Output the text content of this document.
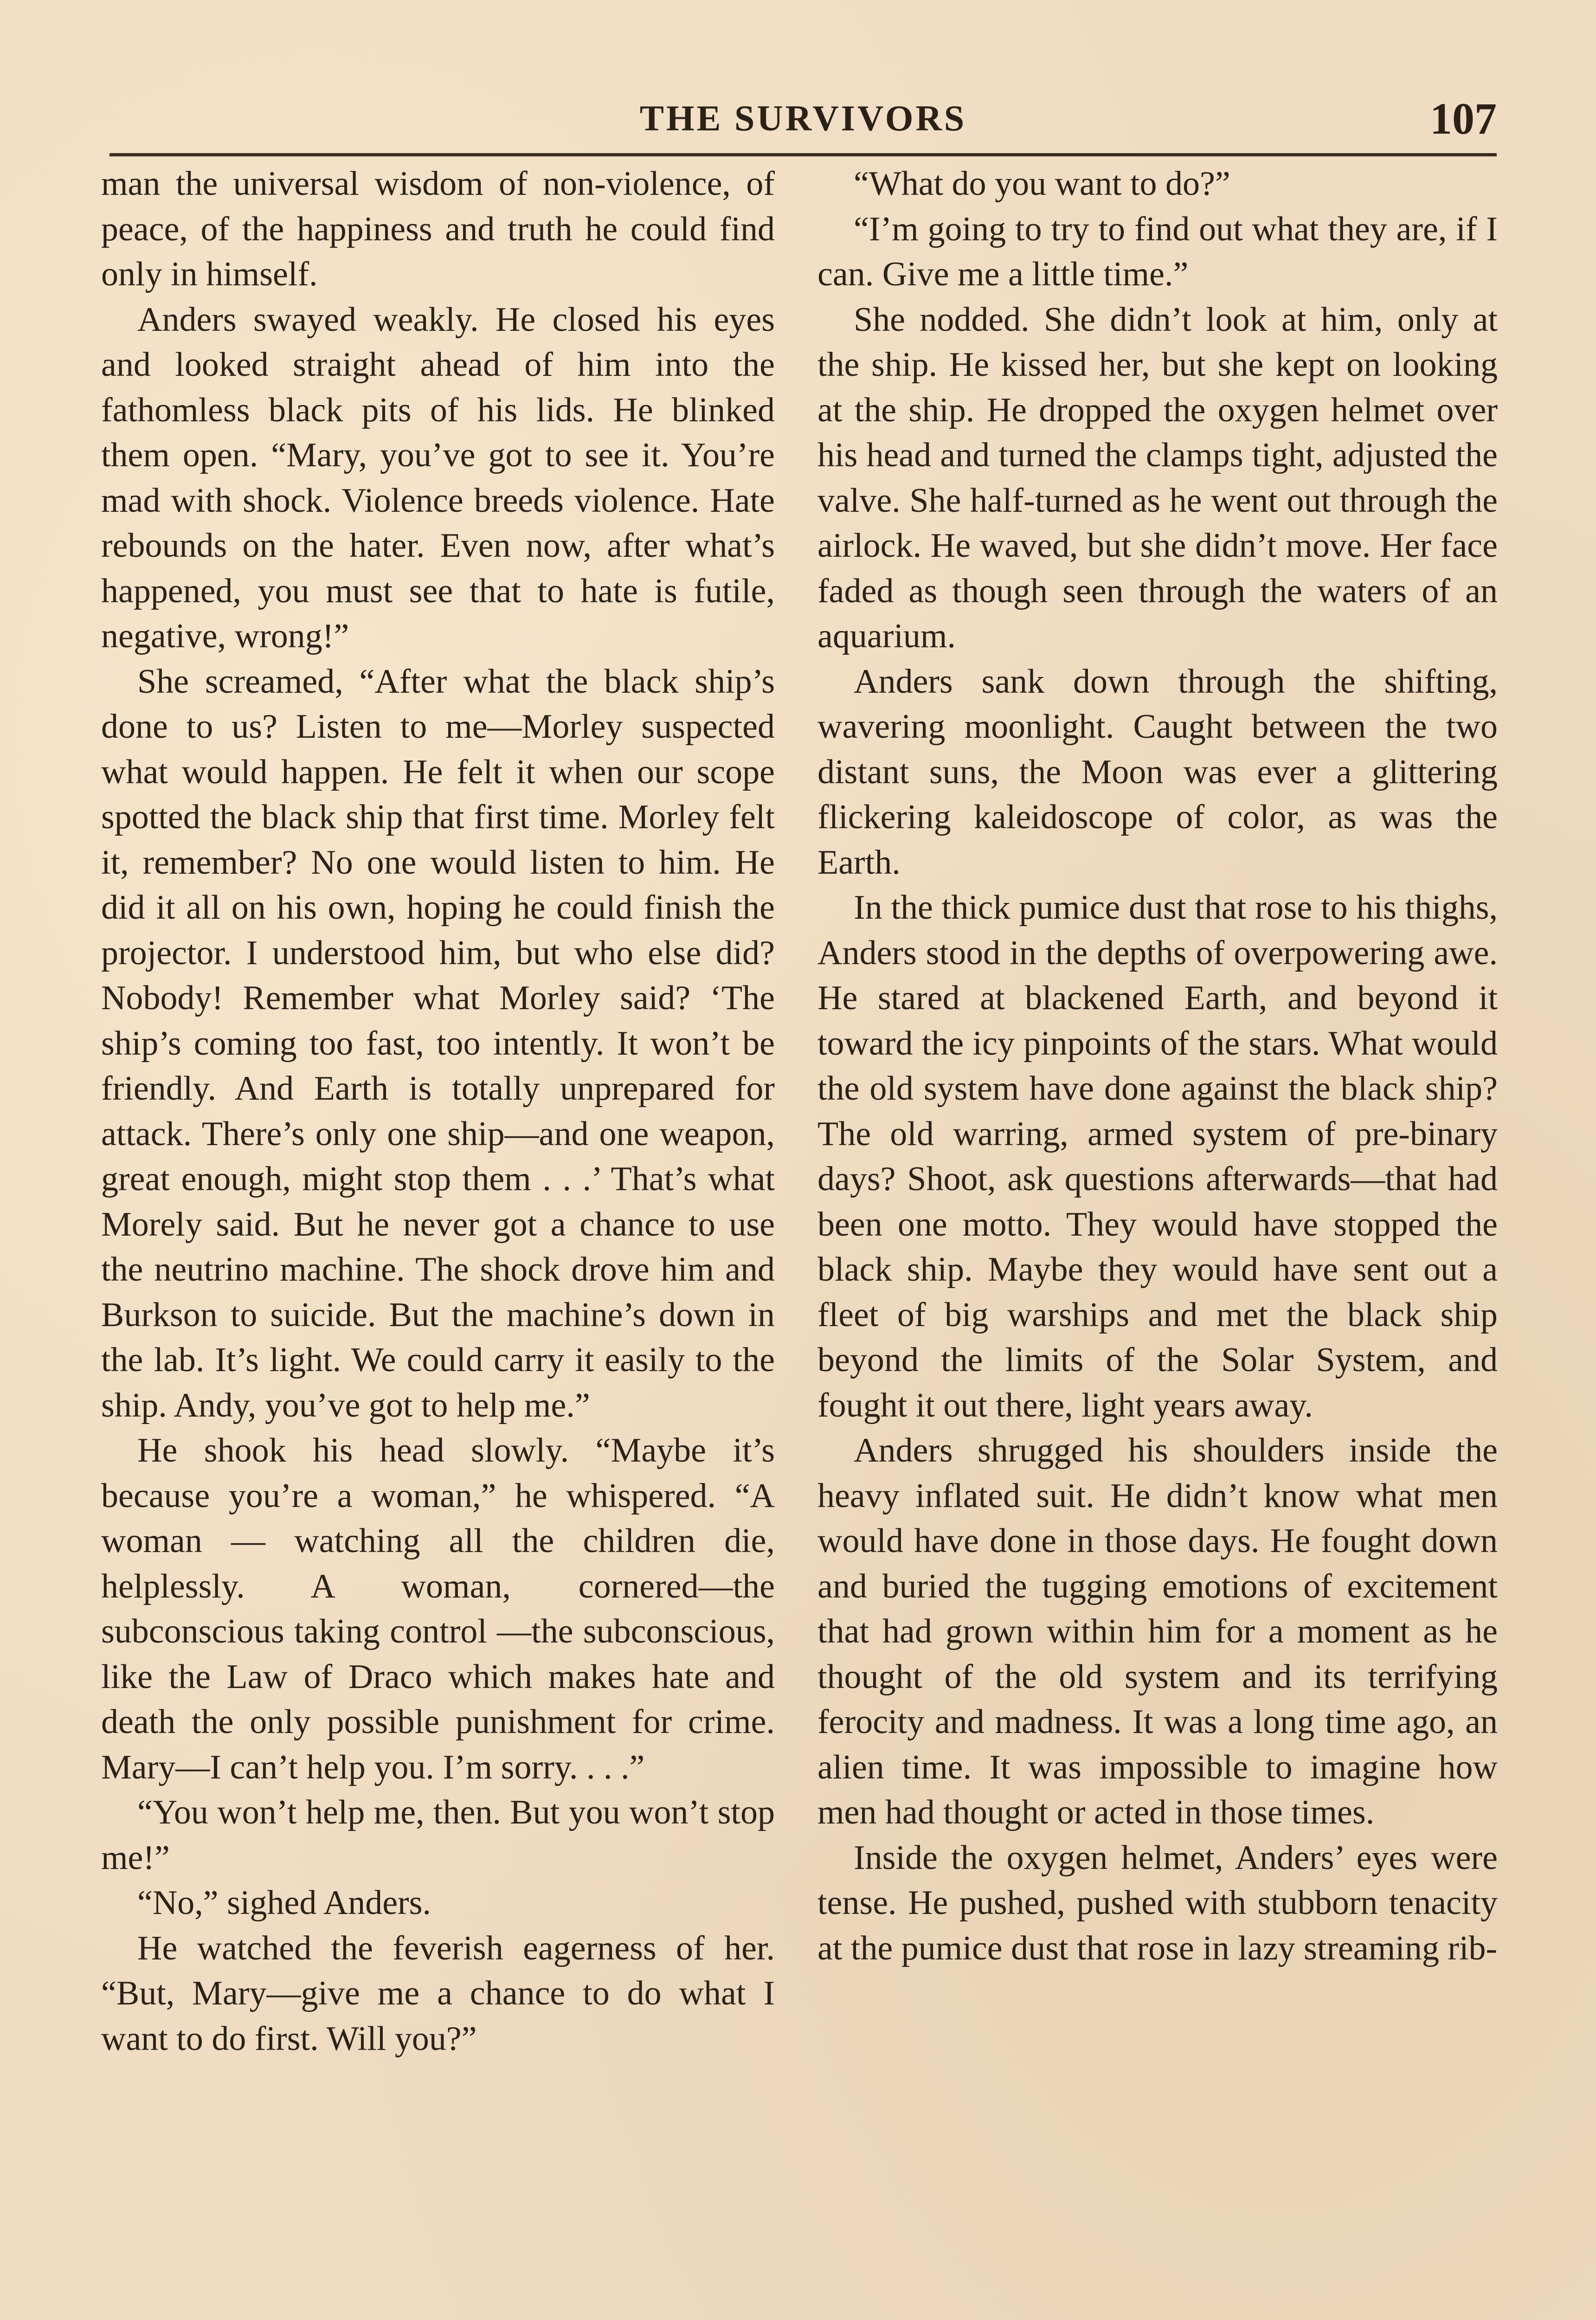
THE SURVIVORS	107

man the universal wisdom of non-violence, of peace, of the happiness and truth he could find only in himself.

Anders swayed weakly. He closed his eyes and looked straight ahead of him into the fathomless black pits of his lids. He blinked them open. “Mary, you’ve got to see it. You’re mad with shock. Violence breeds violence. Hate rebounds on the hater. Even now, after what’s happened, you must see that to hate is futile, negative, wrong!”

She screamed, “After what the black ship’s done to us? Listen to me—Morley suspected what would happen. He felt it when our scope spotted the black ship that first time. Morley felt it, remember? No one would listen to him. He did it all on his own, hoping he could finish the projector. I understood him, but who else did? Nobody! Remember what Morley said? ‘The ship’s coming too fast, too intently. It won’t be friendly. And Earth is totally unprepared for attack. There’s only one ship—and one weapon, great enough, might stop them . . .’ That’s what Morely said. But he never got a chance to use the neutrino machine. The shock drove him and Burkson to suicide. But the machine’s down in the lab. It’s light. We could carry it easily to the ship. Andy, you’ve got to help me.”

He shook his head slowly. “Maybe it’s because you’re a woman,” he whispered. “A woman — watching all the children die, helplessly. A woman, cornered—the subconscious taking control —the subconscious, like the Law of Draco which makes hate and death the only possible punishment for crime. Mary—I can’t help you. I’m sorry. . . .”

“You won’t help me, then. But you won’t stop me!”

“No,” sighed Anders.

He watched the feverish eagerness of her. “But, Mary—give me a chance to do what I want to do first. Will you?”

“What do you want to do?”

“I’m going to try to find out what they are, if I can. Give me a little time.”

She nodded. She didn’t look at him, only at the ship. He kissed her, but she kept on looking at the ship. He dropped the oxygen helmet over his head and turned the clamps tight, adjusted the valve. She half-turned as he went out through the airlock. He waved, but she didn’t move. Her face faded as though seen through the waters of an aquarium.

Anders sank down through the shifting, wavering moonlight. Caught between the two distant suns, the Moon was ever a glittering flickering kaleidoscope of color, as was the Earth.

In the thick pumice dust that rose to his thighs, Anders stood in the depths of overpowering awe. He stared at blackened Earth, and beyond it toward the icy pinpoints of the stars. What would the old system have done against the black ship? The old warring, armed system of pre-binary days? Shoot, ask questions afterwards—that had been one motto. They would have stopped the black ship. Maybe they would have sent out a fleet of big warships and met the black ship beyond the limits of the Solar System, and fought it out there, light years away.

Anders shrugged his shoulders inside the heavy inflated suit. He didn’t know what men would have done in those days. He fought down and buried the tugging emotions of excitement that had grown within him for a moment as he thought of the old system and its terrifying ferocity and madness. It was a long time ago, an alien time. It was impossible to imagine how men had thought or acted in those times.

Inside the oxygen helmet, Anders’ eyes were tense. He pushed, pushed with stubborn tenacity at the pumice dust that rose in lazy streaming rib-
